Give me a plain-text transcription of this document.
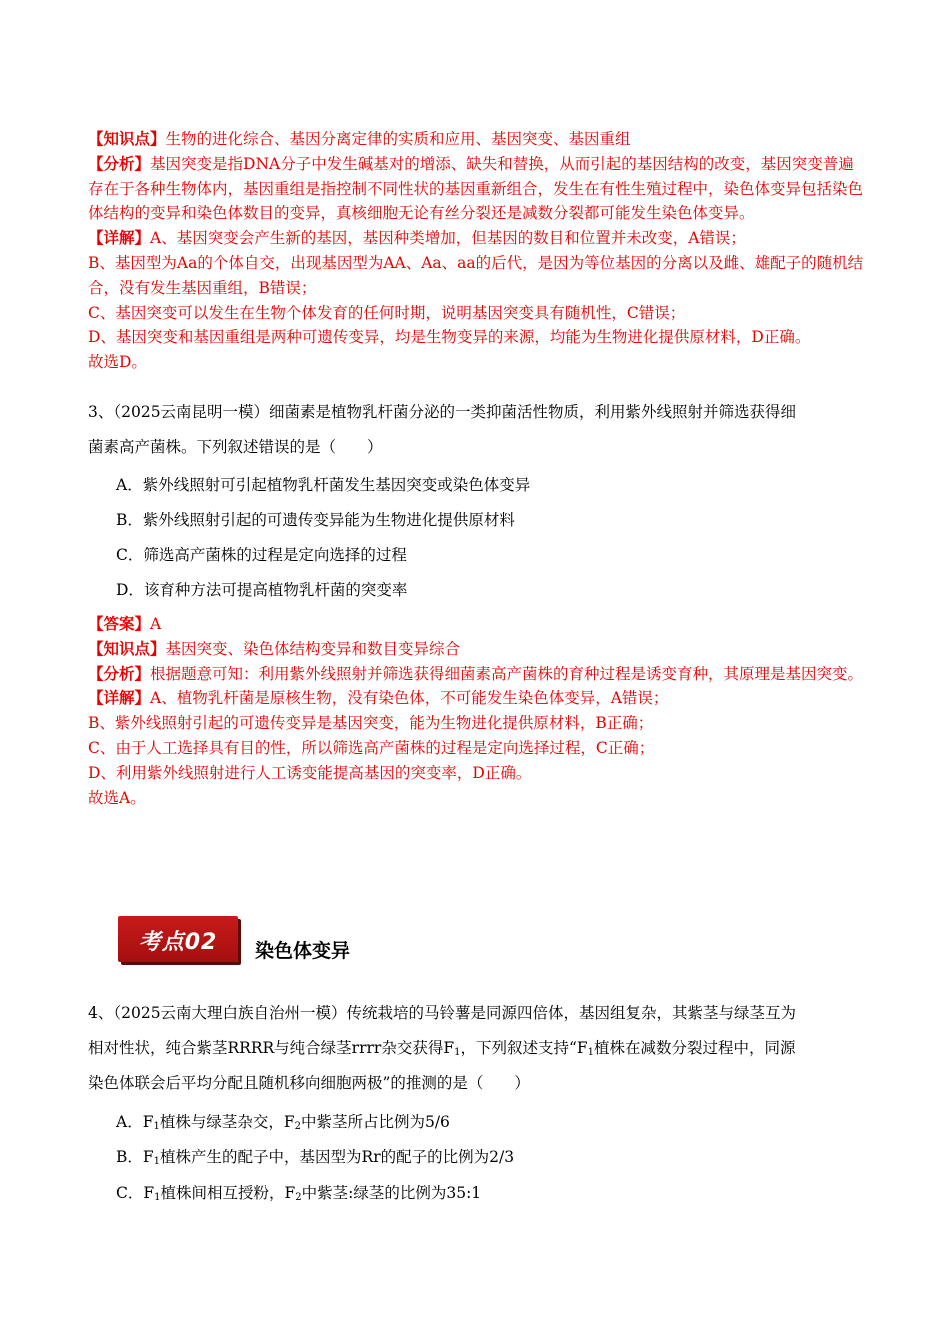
【知识点】生物的进化综合、基因分离定律的实质和应用、基因突变、基因重组

【分析】基因突变是指DNA分子中发生碱基对的增添、缺失和替换，从而引起的基因结构的改变，基因突变普遍存在于各种生物体内，基因重组是指控制不同性状的基因重新组合，发生在有性生殖过程中，染色体变异包括染色体结构的变异和染色体数目的变异，真核细胞无论有丝分裂还是减数分裂都可能发生染色体变异。

【详解】A、基因突变会产生新的基因，基因种类增加，但基因的数目和位置并未改变，A错误；

B、基因型为Aa的个体自交，出现基因型为AA、Aa、aa的后代，是因为等位基因的分离以及雌、雄配子的随机结合，没有发生基因重组，B错误；

C、基因突变可以发生在生物个体发育的任何时期，说明基因突变具有随机性，C错误；

D、基因突变和基因重组是两种可遗传变异，均是生物变异的来源，均能为生物进化提供原材料，D正确。

故选D。

3、（2025云南昆明一模）细菌素是植物乳杆菌分泌的一类抑菌活性物质，利用紫外线照射并筛选获得细

菌素高产菌株。下列叙述错误的是（　　）

A．紫外线照射可引起植物乳杆菌发生基因突变或染色体变异
B．紫外线照射引起的可遗传变异能为生物进化提供原材料
C．筛选高产菌株的过程是定向选择的过程
D．该育种方法可提高植物乳杆菌的突变率

【答案】A

【知识点】基因突变、染色体结构变异和数目变异综合

【分析】根据题意可知：利用紫外线照射并筛选获得细菌素高产菌株的育种过程是诱变育种，其原理是基因突变。

【详解】A、植物乳杆菌是原核生物，没有染色体，不可能发生染色体变异，A错误；

B、紫外线照射引起的可遗传变异是基因突变，能为生物进化提供原材料，B正确；

C、由于人工选择具有目的性，所以筛选高产菌株的过程是定向选择过程，C正确；

D、利用紫外线照射进行人工诱变能提高基因的突变率，D正确。

故选A。

考点02	染色体变异

4、（2025云南大理白族自治州一模）传统栽培的马铃薯是同源四倍体，基因组复杂，其紫茎与绿茎互为

相对性状，纯合紫茎RRRR与纯合绿茎rrrr杂交获得$F_1$，下列叙述支持“$F_1$植株在减数分裂过程中，同源

染色体联会后平均分配且随机移向细胞两极”的推测的是（　　）

A．$F_1$植株与绿茎杂交，$F_2$中紫茎所占比例为5/6
B．$F_1$植株产生的配子中，基因型为Rr的配子的比例为2/3
C．$F_1$植株间相互授粉，$F_2$中紫茎:绿茎的比例为35:1
